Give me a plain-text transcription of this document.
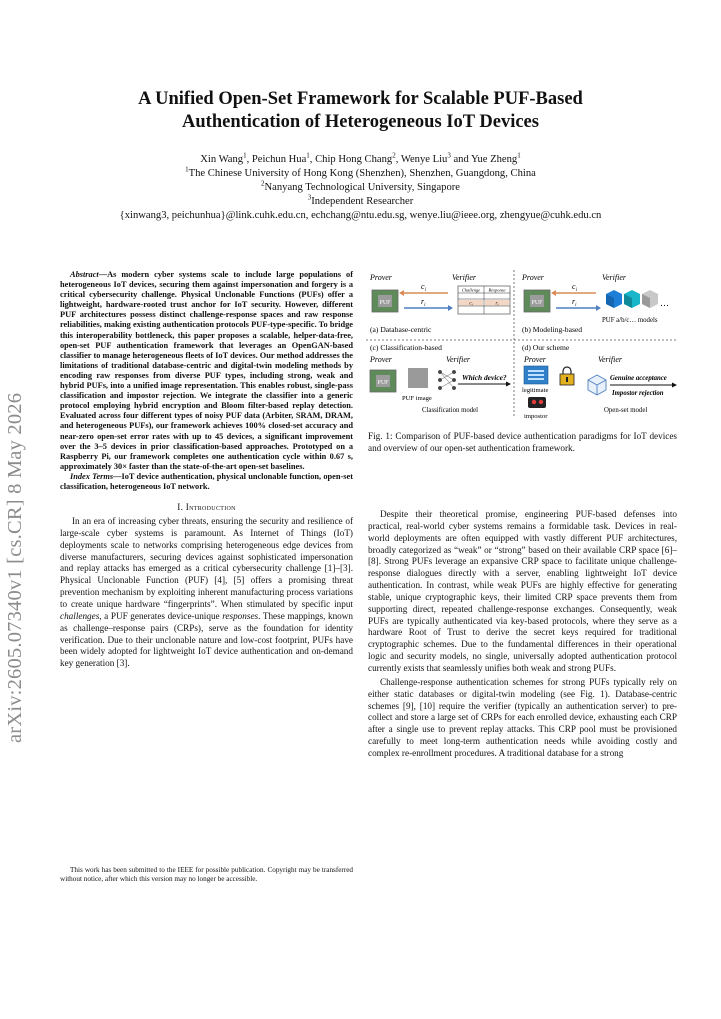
arXiv:2605.07340v1 [cs.CR] 8 May 2026
A Unified Open-Set Framework for Scalable PUF-Based
Authentication of Heterogeneous IoT Devices
Xin Wang$^1$, Peichun Hua$^1$, Chip Hong Chang$^2$, Wenye Liu$^3$ and Yue Zheng$^1$
$^1$The Chinese University of Hong Kong (Shenzhen), Shenzhen, Guangdong, China
$^2$Nanyang Technological University, Singapore
$^3$Independent Researcher
{xinwang3, peichunhua}@link.cuhk.edu.cn, echchang@ntu.edu.sg, wenye.liu@ieee.org, zhengyue@cuhk.edu.cn

Abstract—As modern cyber systems scale to include large populations of heterogeneous IoT devices, securing them against impersonation and forgery is a critical cybersecurity challenge. Physical Unclonable Functions (PUFs) offer a lightweight, hardware-rooted trust anchor for IoT security. However, different PUF architectures possess distinct challenge-response spaces and raw response reliabilities, making existing authentication protocols PUF-type-specific. To bridge this interoperability bottleneck, this paper proposes a scalable, helper-data-free, open-set PUF authentication framework that leverages an OpenGAN-based classifier to manage heterogeneous fleets of IoT devices. Our method addresses the limitations of traditional database-centric and digital-twin modeling methods by encoding raw responses from diverse PUF types, including strong, weak and hybrid PUFs, into a unified image representation. This enables robust, single-pass classification and impostor rejection. We integrate the classifier into a generic protocol employing hybrid encryption and Bloom filter-based replay detection. Evaluated across four different types of noisy PUF data (Arbiter, SRAM, DRAM, and heterogeneous PUFs), our framework achieves 100% closed-set accuracy and near-zero open-set error rates with up to 45 devices, a significant improvement over the 3–5 devices in prior classification-based approaches. Prototyped on a Raspberry Pi, our framework completes one authentication cycle within 0.67 s, approximately 30× faster than the state-of-the-art open-set baselines.

Index Terms—IoT device authentication, physical unclonable function, open-set classification, heterogeneous IoT network.

I. Introduction

In an era of increasing cyber threats, ensuring the security and resilience of large-scale cyber systems is paramount. As Internet of Things (IoT) deployments scale to networks comprising heterogeneous edge devices from diverse manufacturers, securing devices against sophisticated impersonation and replay attacks has emerged as a critical cybersecurity challenge [1]–[3]. Physical Unclonable Function (PUF) [4], [5] offers a promising threat prevention mechanism by exploiting inherent manufacturing process variations to create unique hardware “fingerprints”. When stimulated by specific input challenges, a PUF generates device-unique responses. These mappings, known as challenge–response pairs (CRPs), serve as the foundation for identity verification. Due to their unclonable nature and low-cost footprint, PUFs have been widely adopted for lightweight IoT device authentication and on-demand key generation [3].

This work has been submitted to the IEEE for possible publication. Copyright may be transferred without notice, after which this version may no longer be accessible.
Prover	Verifier
PUF
$c_i$
$r_i$
Challenge Response
$c_i$	$r_i$
(a) Database-centric
Prover	Verifier
PUF
$c_i$
$r_i$	…
PUF a/b/c… models
(b) Modeling-based
(c) Classification-based
Prover	Verifier
PUF
PUF image
Which device?
Classification model
(d) Our scheme
Prover	Verifier
legitimate
impostor
Genuine acceptance
Impostor rejection
Open-set model
Fig. 1: Comparison of PUF-based device authentication paradigms for IoT devices and overview of our open-set authentication framework.

Despite their theoretical promise, engineering PUF-based defenses into practical, real-world cyber systems remains a formidable task. Devices in real-world deployments are often equipped with vastly different PUF architectures, broadly categorized as “weak” or “strong” based on their available CRP space [6]–[8]. Strong PUFs leverage an expansive CRP space to facilitate unique challenge-response dialogues directly with a server, enabling lightweight IoT device authentication. In contrast, while weak PUFs are highly effective for generating stable, unique cryptographic keys, their limited CRP space prevents them from supporting direct, repeated challenge-response exchanges. Consequently, weak PUFs are typically authenticated via key-based protocols, where they serve as a hardware Root of Trust to derive the secret keys required for traditional cryptographic schemes. Due to the fundamental differences in their operational logic and security models, no single, universally adopted authentication protocol currently exists that seamlessly unifies both weak and strong PUFs.

Challenge-response authentication schemes for strong PUFs typically rely on either static databases or digital-twin modeling (see Fig. 1). Database-centric schemes [9], [10] require the verifier (typically an authentication server) to pre-collect and store a large set of CRPs for each enrolled device, exhausting each CRP after a single use to prevent replay attacks. This CRP pool must be provisioned carefully to meet long-term authentication needs while avoiding costly and complex re-enrollment procedures. A traditional database for a strong
